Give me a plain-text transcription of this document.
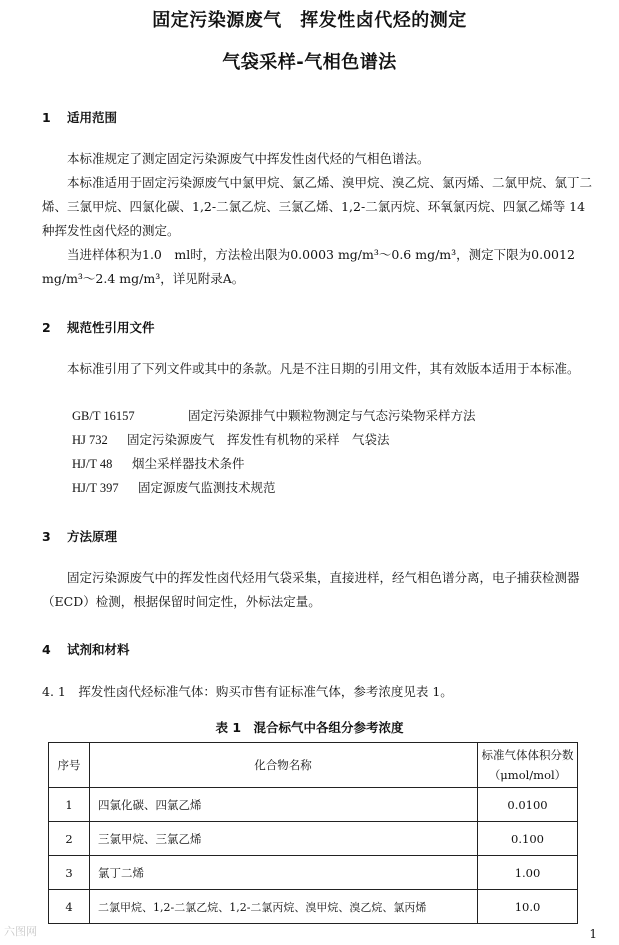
固定污染源废气　挥发性卤代烃的测定
气袋采样-气相色谱法
1 适用范围
本标准规定了测定固定污染源废气中挥发性卤代烃的气相色谱法。
本标准适用于固定污染源废气中氯甲烷、氯乙烯、溴甲烷、溴乙烷、氯丙烯、二氯甲烷、氯丁二烯、三氯甲烷、四氯化碳、1,2-二氯乙烷、三氯乙烯、1,2-二氯丙烷、环氧氯丙烷、四氯乙烯等 14 种挥发性卤代烃的测定。
当进样体积为1.0　ml时，方法检出限为0.0003 mg/m³～0.6 mg/m³，测定下限为0.0012 mg/m³～2.4 mg/m³，详见附录A。
2 规范性引用文件
本标准引用了下列文件或其中的条款。凡是不注日期的引用文件，其有效版本适用于本标准。
GB/T 16157	固定污染源排气中颗粒物测定与气态污染物采样方法
HJ 732 固定污染源废气　挥发性有机物的采样　气袋法
HJ/T 48 烟尘采样器技术条件
HJ/T 397 固定源废气监测技术规范
3 方法原理
固定污染源废气中的挥发性卤代烃用气袋采集，直接进样，经气相色谱分离，电子捕获检测器（ECD）检测，根据保留时间定性，外标法定量。
4 试剂和材料
4. 1　挥发性卤代烃标准气体：购买市售有证标准气体，参考浓度见表 1。
表 1　混合标气中各组分参考浓度
序号	化合物名称	标准气体体积分数
（μmol/mol）

1	四氯化碳、四氯乙烯	0.0100
2	三氯甲烷、三氯乙烯	0.100
3	氯丁二烯	1.00
4	二氯甲烷、1,2-二氯乙烷、1,2-二氯丙烷、溴甲烷、溴乙烷、氯丙烯	10.0
六图网	1
